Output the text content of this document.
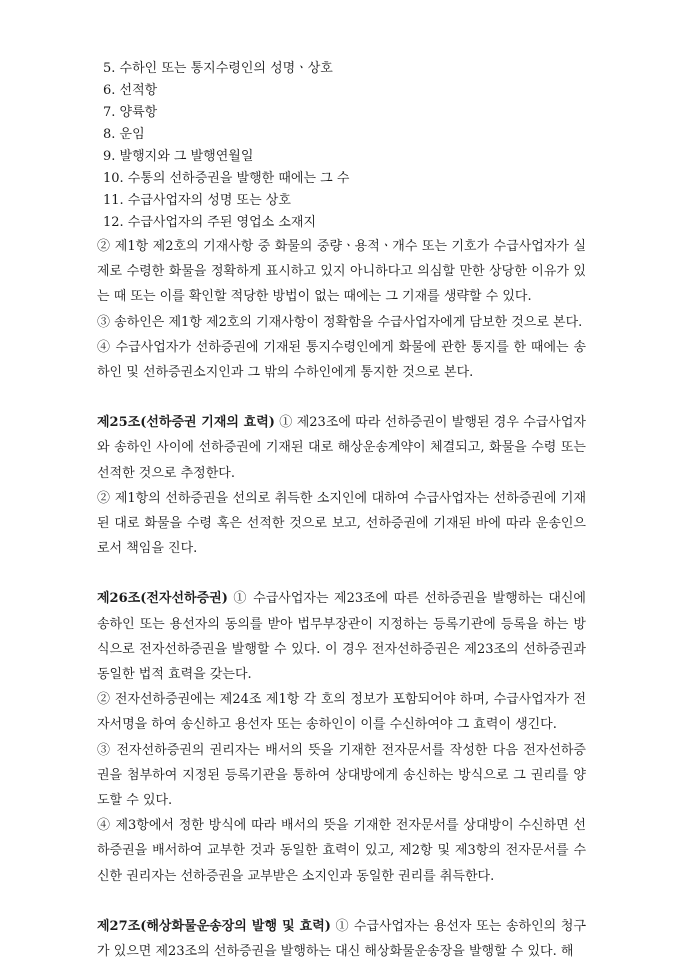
5. 수하인 또는 통지수령인의 성명ㆍ상호
6. 선적항
7. 양륙항
8. 운임
9. 발행지와 그 발행연월일
10. 수통의 선하증권을 발행한 때에는 그 수
11. 수급사업자의 성명 또는 상호
12. 수급사업자의 주된 영업소 소재지
② 제1항 제2호의 기재사항 중 화물의 중량ㆍ용적ㆍ개수 또는 기호가 수급사업자가 실제로 수령한 화물을 정확하게 표시하고 있지 아니하다고 의심할 만한 상당한 이유가 있는 때 또는 이를 확인할 적당한 방법이 없는 때에는 그 기재를 생략할 수 있다.
③ 송하인은 제1항 제2호의 기재사항이 정확함을 수급사업자에게 담보한 것으로 본다.
④ 수급사업자가 선하증권에 기재된 통지수령인에게 화물에 관한 통지를 한 때에는 송하인 및 선하증권소지인과 그 밖의 수하인에게 통지한 것으로 본다.
제25조(선하증권 기재의 효력) ① 제23조에 따라 선하증권이 발행된 경우 수급사업자와 송하인 사이에 선하증권에 기재된 대로 해상운송계약이 체결되고, 화물을 수령 또는 선적한 것으로 추정한다.
② 제1항의 선하증권을 선의로 취득한 소지인에 대하여 수급사업자는 선하증권에 기재된 대로 화물을 수령 혹은 선적한 것으로 보고, 선하증권에 기재된 바에 따라 운송인으로서 책임을 진다.
제26조(전자선하증권) ① 수급사업자는 제23조에 따른 선하증권을 발행하는 대신에 송하인 또는 용선자의 동의를 받아 법무부장관이 지정하는 등록기관에 등록을 하는 방식으로 전자선하증권을 발행할 수 있다. 이 경우 전자선하증권은 제23조의 선하증권과 동일한 법적 효력을 갖는다.
② 전자선하증권에는 제24조 제1항 각 호의 정보가 포함되어야 하며, 수급사업자가 전자서명을 하여 송신하고 용선자 또는 송하인이 이를 수신하여야 그 효력이 생긴다.
③ 전자선하증권의 권리자는 배서의 뜻을 기재한 전자문서를 작성한 다음 전자선하증권을 첨부하여 지정된 등록기관을 통하여 상대방에게 송신하는 방식으로 그 권리를 양도할 수 있다.
④ 제3항에서 정한 방식에 따라 배서의 뜻을 기재한 전자문서를 상대방이 수신하면 선하증권을 배서하여 교부한 것과 동일한 효력이 있고, 제2항 및 제3항의 전자문서를 수신한 권리자는 선하증권을 교부받은 소지인과 동일한 권리를 취득한다.
제27조(해상화물운송장의 발행 및 효력) ① 수급사업자는 용선자 또는 송하인의 청구가 있으면 제23조의 선하증권을 발행하는 대신 해상화물운송장을 발행할 수 있다. 해
